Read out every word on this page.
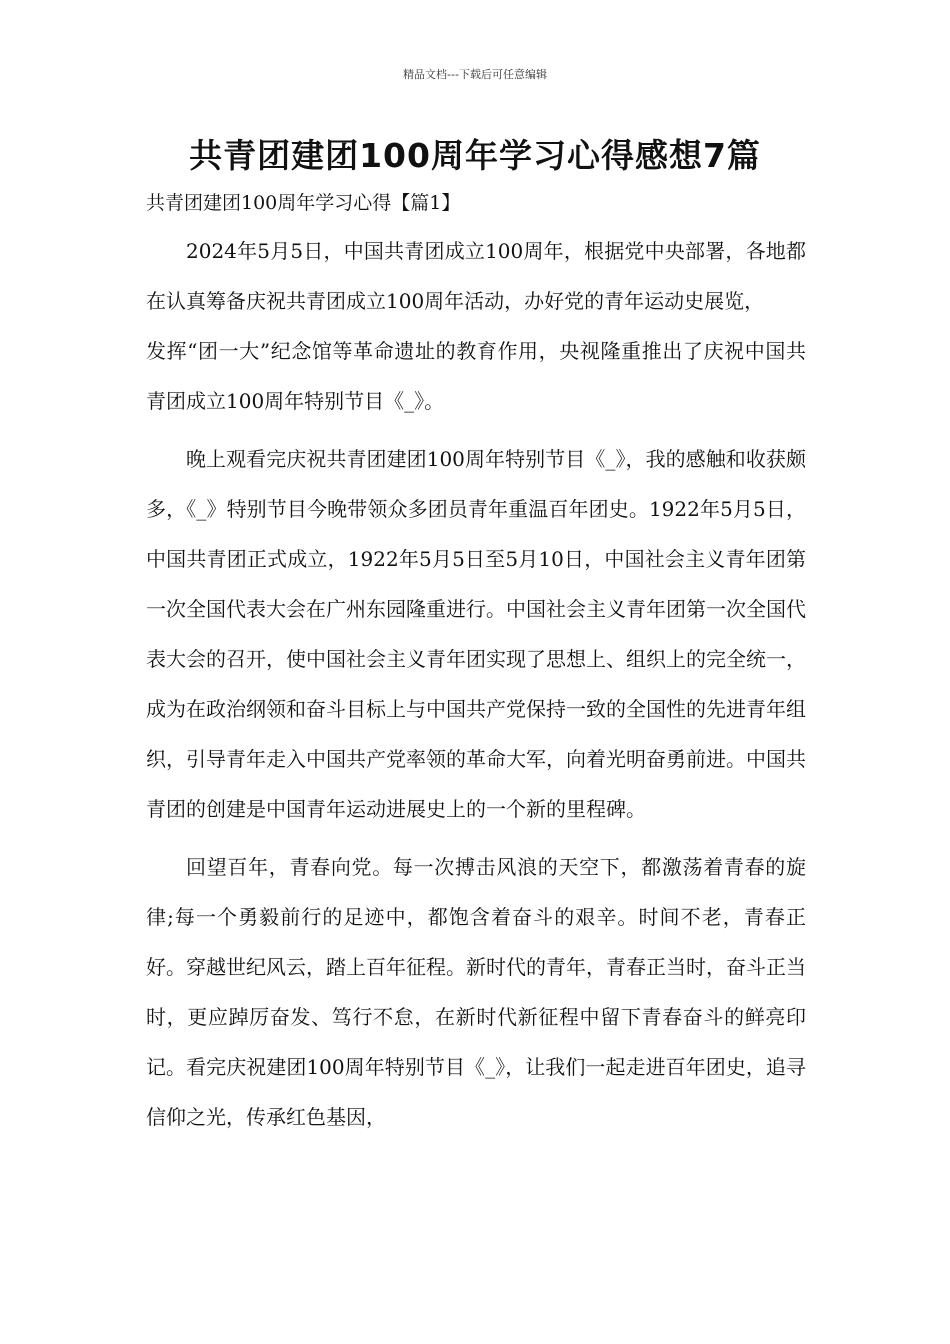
精品文档---下载后可任意编辑
共青团建团100周年学习心得感想7篇
共青团建团100周年学习心得【篇1】

2024年5月5日，中国共青团成立100周年，根据党中央部署，各地都在认真筹备庆祝共青团成立100周年活动，办好党的青年运动史展览，

发挥“团一大”纪念馆等革命遗址的教育作用，央视隆重推出了庆祝中国共青团成立100周年特别节目《_》。

晚上观看完庆祝共青团建团100周年特别节目《_》，我的感触和收获颇多，《_》特别节目今晚带领众多团员青年重温百年团史。1922年5月5日，中国共青团正式成立，1922年5月5日至5月10日，中国社会主义青年团第一次全国代表大会在广州东园隆重进行。中国社会主义青年团第一次全国代表大会的召开，使中国社会主义青年团实现了思想上、组织上的完全统一，成为在政治纲领和奋斗目标上与中国共产党保持一致的全国性的先进青年组织，引导青年走入中国共产党率领的革命大军，向着光明奋勇前进。中国共青团的创建是中国青年运动进展史上的一个新的里程碑。

回望百年，青春向党。每一次搏击风浪的天空下，都激荡着青春的旋律;每一个勇毅前行的足迹中，都饱含着奋斗的艰辛。时间不老，青春正好。穿越世纪风云，踏上百年征程。新时代的青年，青春正当时，奋斗正当时，更应踔厉奋发、笃行不怠，在新时代新征程中留下青春奋斗的鲜亮印记。看完庆祝建团100周年特别节目《_》，让我们一起走进百年团史，追寻信仰之光，传承红色基因，
